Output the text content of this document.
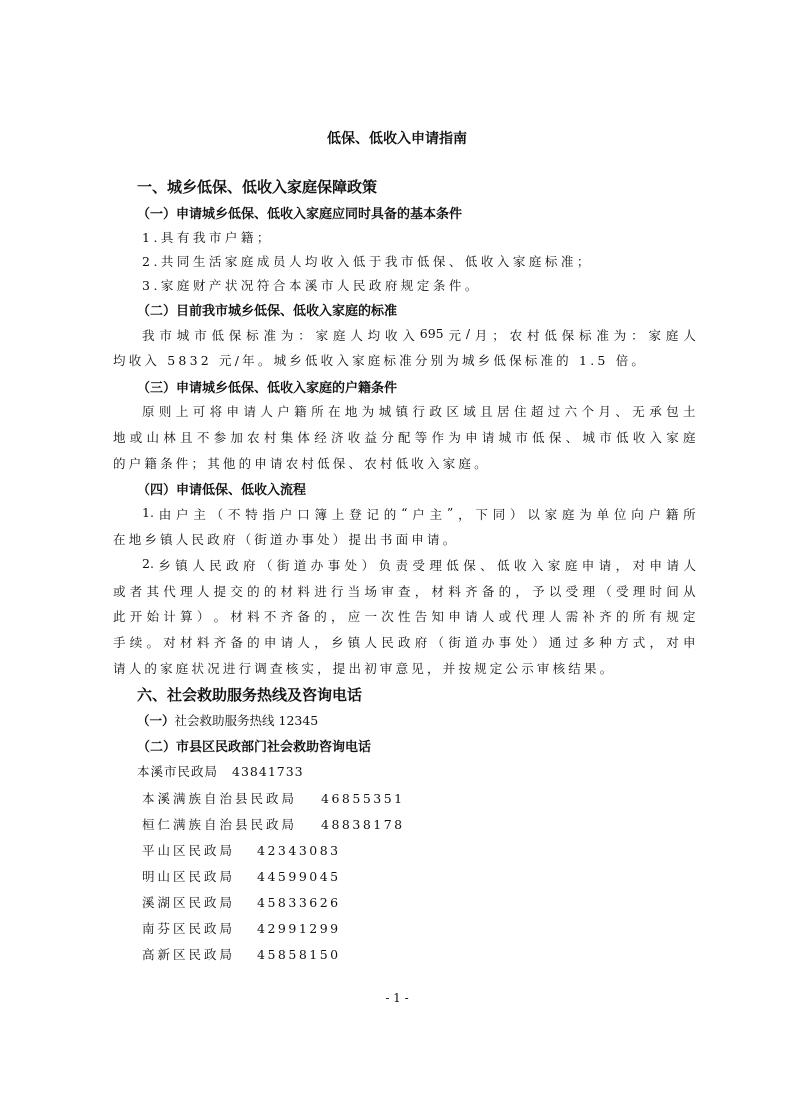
低保、低收入申请指南
一、城乡低保、低收入家庭保障政策
（一）申请城乡低保、低收入家庭应同时具备的基本条件
1.具有我市户籍；
2.共同生活家庭成员人均收入低于我市低保、低收入家庭标准；
3.家庭财产状况符合本溪市人民政府规定条件。
（二）目前我市城乡低保、低收入家庭的标准
我 市 城 市 低 保 标 准 为 ： 家 庭 人 均 收 入 695 元 / 月 ； 农 村 低 保 标 准 为 ： 家 庭 人
均收入 5832 元/年。城乡低收入家庭标准分别为城乡低保标准的 1.5 倍。
（三）申请城乡低保、低收入家庭的户籍条件
原 则 上 可 将 申 请 人 户 籍 所 在 地 为 城 镇 行 政 区 域 且 居 住 超 过 六 个 月 、 无 承 包 土
地 或 山 林 且 不 参 加 农 村 集 体 经 济 收 益 分 配 等 作 为 申 请 城 市 低 保 、 城 市 低 收 入 家 庭
的户籍条件；其他的申请农村低保、农村低收入家庭。
（四）申请低保、低收入流程
1. 由 户 主 （ 不 特 指 户 口 簿 上 登 记 的 “ 户 主 ” ， 下 同 ） 以 家 庭 为 单 位 向 户 籍 所
在地乡镇人民政府（街道办事处）提出书面申请。
2. 乡 镇 人 民 政 府 （ 街 道 办 事 处 ） 负 责 受 理 低 保 、 低 收 入 家 庭 申 请 ， 对 申 请 人
或 者 其 代 理 人 提 交 的 的 材 料 进 行 当 场 审 查 ， 材 料 齐 备 的 ， 予 以 受 理 （ 受 理 时 间 从
此 开 始 计 算 ） 。 材 料 不 齐 备 的 ， 应 一 次 性 告 知 申 请 人 或 代 理 人 需 补 齐 的 所 有 规 定
手 续 。 对 材 料 齐 备 的 申 请 人 ， 乡 镇 人 民 政 府 （ 街 道 办 事 处 ） 通 过 多 种 方 式 ， 对 申
请人的家庭状况进行调查核实，提出初审意见，并按规定公示审核结果。
六、社会救助服务热线及咨询电话
（一）社会救助服务热线 12345
（二）市县区民政部门社会救助咨询电话
本溪市民政局 43841733
本溪满族自治县民政局 46855351
桓仁满族自治县民政局 48838178
平山区民政局 42343083
明山区民政局 44599045
溪湖区民政局 45833626
南芬区民政局 42991299
高新区民政局 45858150
- 1 -
